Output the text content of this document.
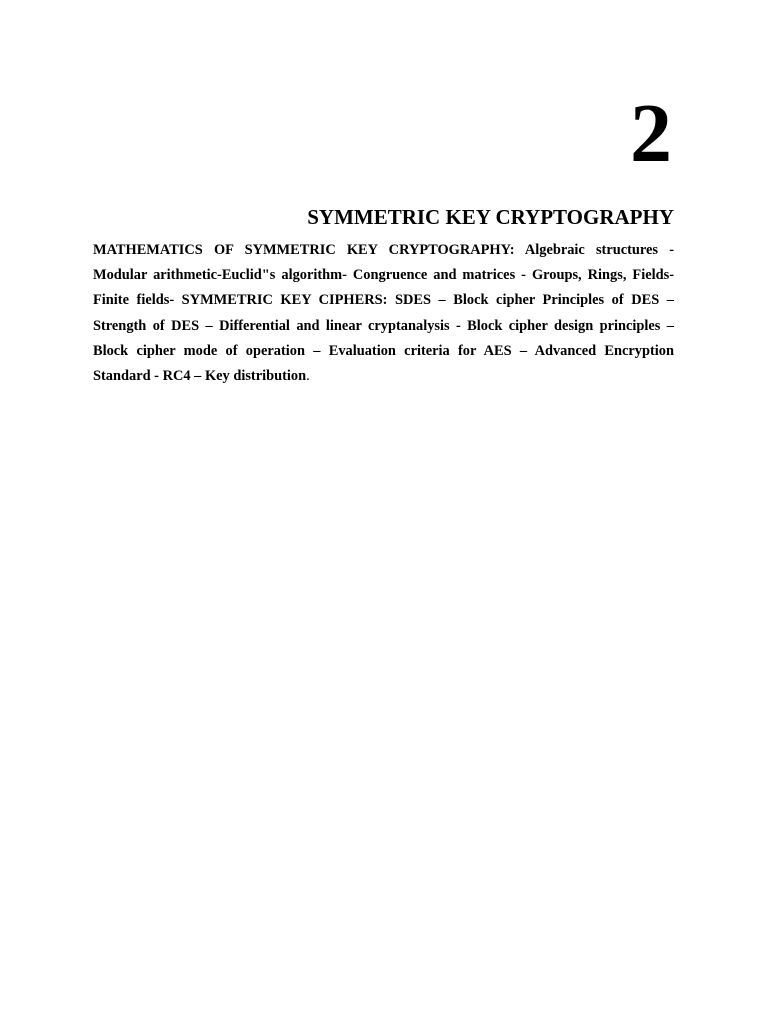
2
SYMMETRIC KEY CRYPTOGRAPHY

MATHEMATICS OF SYMMETRIC KEY CRYPTOGRAPHY: Algebraic structures - Modular arithmetic-Euclid"s algorithm- Congruence and matrices - Groups, Rings, Fields- Finite fields- SYMMETRIC KEY CIPHERS: SDES – Block cipher Principles of DES – Strength of DES – Differential and linear cryptanalysis - Block cipher design principles – Block cipher mode of operation – Evaluation criteria for AES – Advanced Encryption Standard - RC4 – Key distribution.
